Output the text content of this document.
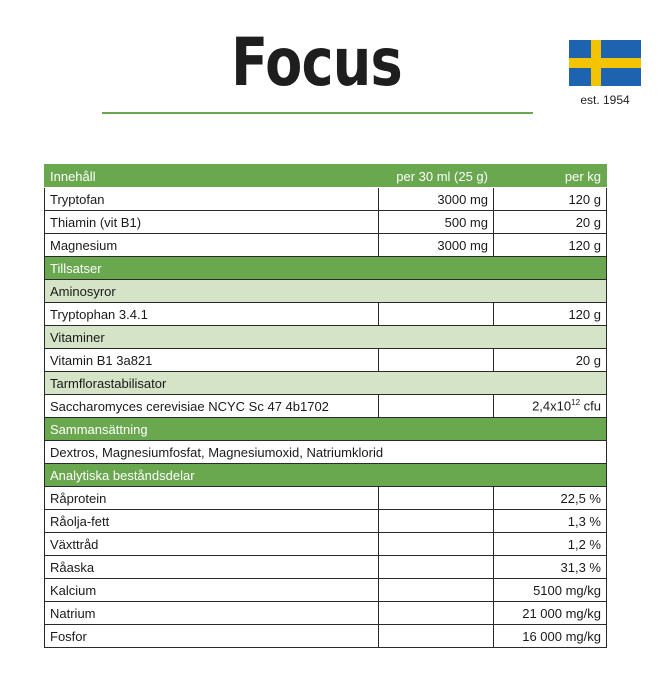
Focus	est. 1954
Innehåll	per 30 ml (25 g)	per kg
Tryptofan	3000 mg	120 g
Thiamin (vit B1)	500 mg	20 g
Magnesium	3000 mg	120 g
Tillsatser		
Aminosyror		
Tryptophan 3.4.1		120 g
Vitaminer		
Vitamin B1 3a821		20 g
Tarmflorastabilisator		
Saccharomyces cerevisiae NCYC Sc 47 4b1702		$2,4x10^{12}$ cfu
Sammansättning		
Dextros, Magnesiumfosfat, Magnesiumoxid, Natriumklorid		
Analytiska beståndsdelar		
Råprotein		22,5 %
Råolja-fett		1,3 %
Växttråd		1,2 %
Råaska		31,3 %
Kalcium		5100 mg/kg
Natrium		21 000 mg/kg
Fosfor		16 000 mg/kg
